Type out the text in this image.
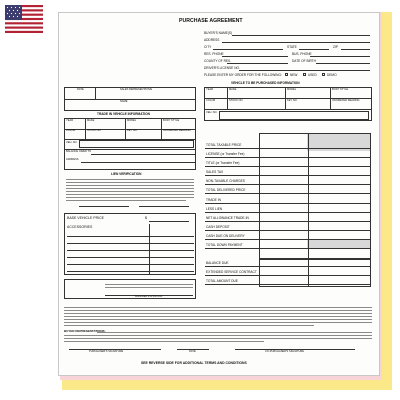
PURCHASE AGREEMENT
BUYER'S NAME(S)
ADDRESS
CITY	STATE	ZIP
RES. PHONE	BUS. PHONE
COUNTY OF RES.	DATE OF BIRTH
DRIVER'S LICENSE NO.
PLEASE ENTER MY ORDER FOR THE FOLLOWING:	NEW	USED	DEMO
VEHICLE TO BE PURCHASED INFORMATION
YEAR	MAKE	MODEL	BODY STYLE
COLOR	STOCK NO.	KEY NO.	ODOMETER READING
VEH. NO.
DATE	SALES REPRESENTATIVE
NAME
TRADE IN VEHICLE INFORMATION
YEAR	MAKE	MODEL	BODY STYLE
COLOR	STOCK NO.	KEY NO.	ODOMETER READING
VEH. NO.
BALANCE OWED TO
ADDRESS
LIEN VERIFICATION
BASE VEHICLE PRICE	$
ACCESSORIES
TOTAL TAXABLE PRICE
LICENSE (or Transfer Fee)
TITLE (or Transfer Fee)
SALES TAX
NON-TAXABLE CHARGES
TOTAL DELIVERED PRICE
TRADE IN
LESS LIEN
NET ALLOWANCE TRADE-IN
CASH DEPOSIT
CASH DUE ON DELIVERY
TOTAL DOWN PAYMENT
BALANCE DUE
EXTENDED SERVICE CONTRACT
TOTAL AMOUNT DUE
MANAGER'S APPROVAL
BUYER REPRESENTATIONS:
PURCHASER'S SIGNATURE	DATE	CO-PURCHASER'S SIGNATURE
SEE REVERSE SIDE FOR ADDITIONAL TERMS AND CONDITIONS
